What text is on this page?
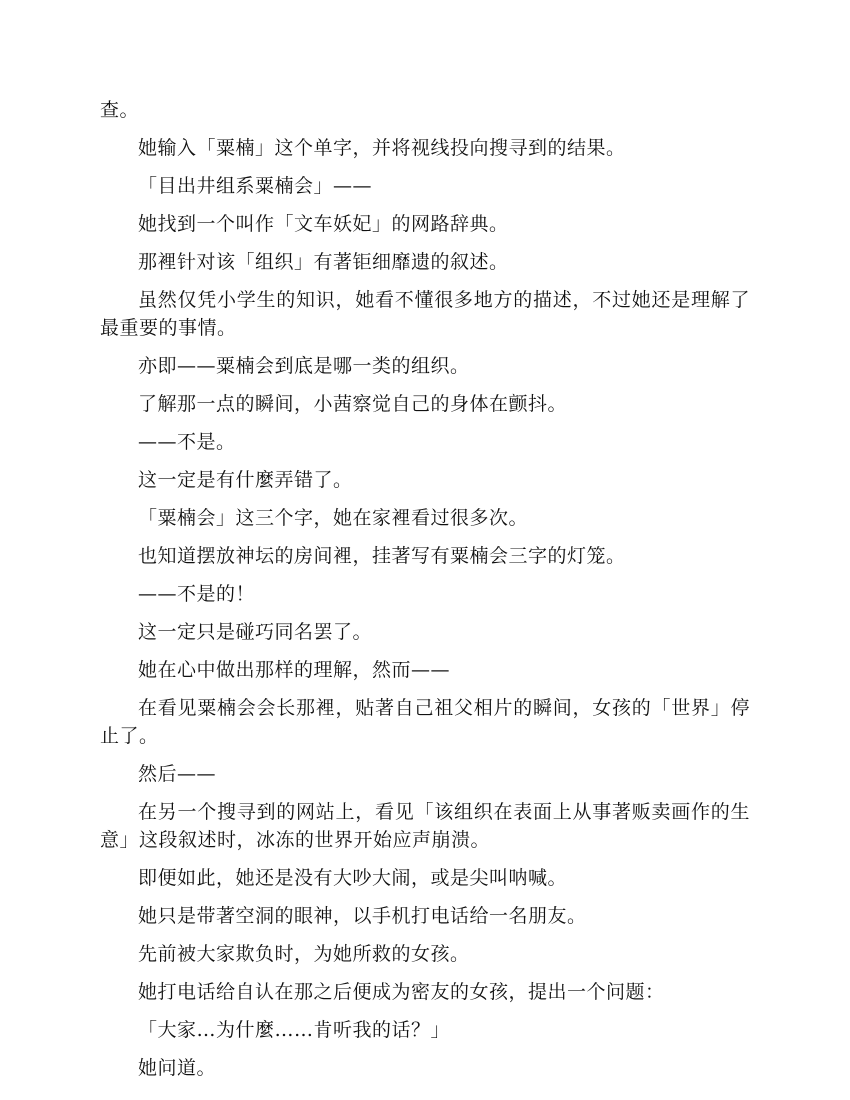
查。

她输入「粟楠」这个单字，并将视线投向搜寻到的结果。

「目出井组系粟楠会」——

她找到一个叫作「文车妖妃」的网路辞典。

那裡针对该「组织」有著钜细靡遗的叙述。

虽然仅凭小学生的知识，她看不懂很多地方的描述，不过她还是理解了最重要的事情。

亦即——粟楠会到底是哪一类的组织。

了解那一点的瞬间，小茜察觉自己的身体在颤抖。

——不是。

这一定是有什麼弄错了。

「粟楠会」这三个字，她在家裡看过很多次。

也知道摆放神坛的房间裡，挂著写有粟楠会三字的灯笼。

——不是的！

这一定只是碰巧同名罢了。

她在心中做出那样的理解，然而——

在看见粟楠会会长那裡，贴著自己祖父相片的瞬间，女孩的「世界」停止了。

然后——

在另一个搜寻到的网站上，看见「该组织在表面上从事著贩卖画作的生意」这段叙述时，冰冻的世界开始应声崩溃。

即便如此，她还是没有大吵大闹，或是尖叫呐喊。

她只是带著空洞的眼神，以手机打电话给一名朋友。

先前被大家欺负时，为她所救的女孩。

她打电话给自认在那之后便成为密友的女孩，提出一个问题：

「大家…为什麼……肯听我的话？」

她问道。
